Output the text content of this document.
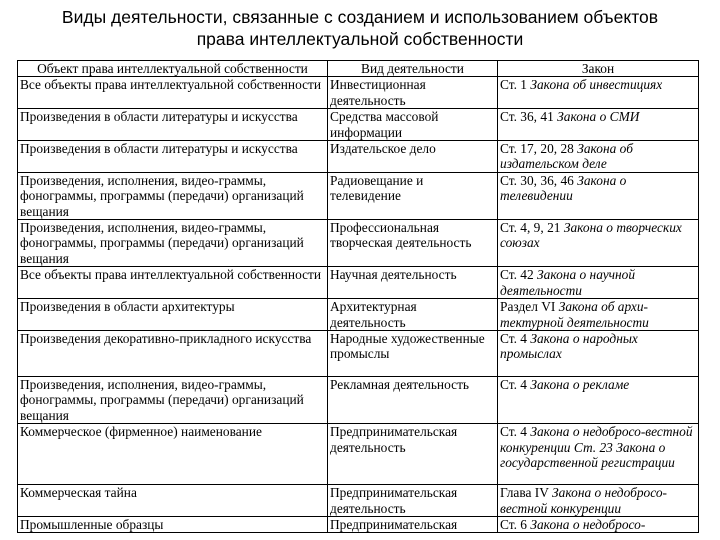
Виды деятельности, связанные с созданием и использованием объектов
права интеллектуальной собственности
Объект права интеллектуальной собственности	Вид деятельности	Закон
Все объекты права интеллектуальной собственности	Инвестиционная деятельность	Ст. 1 Закона об инвестициях
Произведения в области литературы и искусства	Средства массовой информации	Ст. 36, 41 Закона о СМИ
Произведения в области литературы и искусства	Издательское дело	Ст. 17, 20, 28 Закона об издательском деле
Произведения, исполнения, видео-граммы, фонограммы, программы (передачи) организаций вещания	Радиовещание и телевидение	Ст. 30, 36, 46 Закона о телевидении
Произведения, исполнения, видео-граммы, фонограммы, программы (передачи) организаций вещания	Профессиональная творческая деятельность	Ст. 4, 9, 21 Закона о творческих союзах
Все объекты права интеллектуальной собственности	Научная деятельность	Ст. 42 Закона о научной деятельности
Произведения в области архитектуры	Архитектурная деятельность	Раздел VI Закона об архи-тектурной деятельности
Произведения декоративно-прикладного искусства	Народные художественные промыслы	Ст. 4 Закона о народных промыслах
Произведения, исполнения, видео-граммы, фонограммы, программы (передачи) организаций вещания	Рекламная деятельность	Ст. 4 Закона о рекламе
Коммерческое (фирменное) наименование	Предпринимательская деятельность	Ст. 4 Закона о недобросо-вестной конкуренции Ст. 23 Закона о государственной регистрации
Коммерческая тайна	Предпринимательская деятельность	Глава IV Закона о недобросо-вестной конкуренции
Промышленные образцы	Предпринимательская	Ст. 6 Закона о недобросо-
